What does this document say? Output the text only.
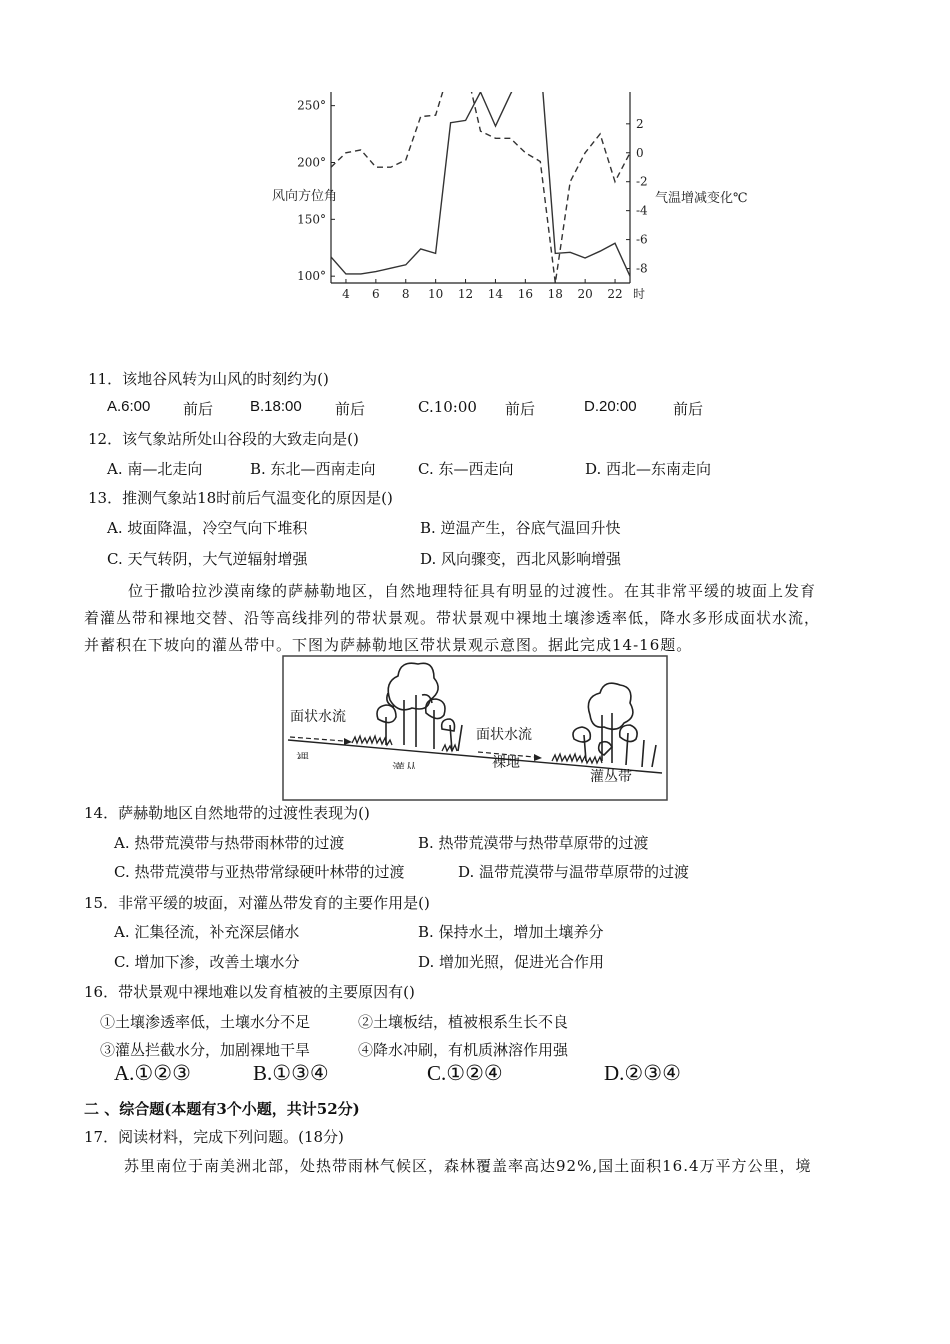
4 6 8 10 12 14 16 18 20 22 时
100°
150°
200°
250°
2
0
-2
-4
-6
-8
风向方位角	气温增减变化℃
11．该地谷风转为山风的时刻约为()
A.6:00 前后 B.18:00 前后	C.10:00 前后	D.20:00 前后
12．该气象站所处山谷段的大致走向是()
A. 南—北走向	B. 东北—西南走向	C. 东—西走向	D. 西北—东南走向
13．推测气象站18时前后气温变化的原因是()
A. 坡面降温，冷空气向下堆积	B. 逆温产生，谷底气温回升快
C. 天气转阴，大气逆辐射增强	D. 风向骤变，西北风影响增强
位于撒哈拉沙漠南缘的萨赫勒地区，自然地理特征具有明显的过渡性。在其非常平缓的坡面上发育
着灌丛带和裸地交替、沿等高线排列的带状景观。带状景观中裸地土壤渗透率低，降水多形成面状水流，
并蓄积在下坡向的灌丛带中。下图为萨赫勒地区带状景观示意图。据此完成14-16题。
面状水流
面状水流
裸地
灌丛带
14．萨赫勒地区自然地带的过渡性表现为()
A. 热带荒漠带与热带雨林带的过渡	B. 热带荒漠带与热带草原带的过渡
C. 热带荒漠带与亚热带常绿硬叶林带的过渡	D. 温带荒漠带与温带草原带的过渡
15．非常平缓的坡面，对灌丛带发育的主要作用是()
A. 汇集径流，补充深层储水	B. 保持水土，增加土壤养分
C. 增加下渗，改善土壤水分	D. 增加光照，促进光合作用
16．带状景观中裸地难以发育植被的主要原因有()
①土壤渗透率低，土壤水分不足	②土壤板结，植被根系生长不良
③灌丛拦截水分，加剧裸地干旱	④降水冲刷，有机质淋溶作用强
A.①②③	B.①③④	C.①②④	D.②③④
二 、综合题(本题有3个小题，共计52分)
17．阅读材料，完成下列问题。(18分)
苏里南位于南美洲北部，处热带雨林气候区，森林覆盖率高达92%,国土面积16.4万平方公里，境
